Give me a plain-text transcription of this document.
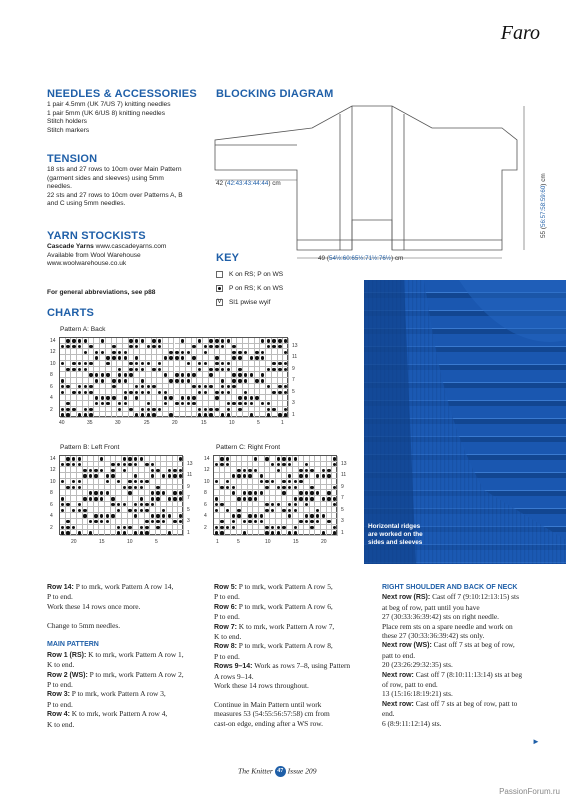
Faro
NEEDLES & ACCESSORIES
1 pair 4.5mm (UK 7/US 7) knitting needles
1 pair 5mm (UK 6/US 8) knitting needles
Stitch holders
Stitch markers
TENSION
18 sts and 27 rows to 10cm over Main Pattern
(garment sides and sleeves) using 5mm
needles.
22 sts and 27 rows to 10cm over Patterns A, B
and C using 5mm needles.
YARN STOCKISTS
Cascade Yarns www.cascadeyarns.com
Available from Wool Warehouse
www.woolwarehouse.co.uk
For general abbreviations, see p88
BLOCKING DIAGRAM
42 (42:43:43:44:44) cm
49 (54½:60:65½:71½:76½) cm
55 (56:57:58:59:60) cm
KEY
K on RS; P on WS
P on RS; K on WS
V Sl1 pwise wyif
CHARTS
Pattern A: Back
Pattern B: Left Front	Pattern C: Right Front
14
12
10
8
6
4
2
13
11
9
7
5
3
1
40	35	30	25	20	15	10	5	1
14
12
10
8
6
4
2
13
11
9
7
5
3
1
20	15	10	5
14
12
10
8
6
4
2
13
11
9
7
5
3
1
1	5	10	15	20
Horizontal ridges
are worked on the
sides and sleeves
Row 14: P to mrk, work Pattern A row 14,
P to end.
Work these 14 rows once more.
Change to 5mm needles.
MAIN PATTERN
Row 1 (RS): K to mrk, work Pattern A row 1,
K to end.
Row 2 (WS): P to mrk, work Pattern A row 2,
P to end.
Row 3: P to mrk, work Pattern A row 3,
P to end.
Row 4: K to mrk, work Pattern A row 4,
K to end.
Row 5: P to mrk, work Pattern A row 5,
P to end.
Row 6: P to mrk, work Pattern A row 6,
P to end.
Row 7: K to mrk, work Pattern A row 7,
K to end.
Row 8: P to mrk, work Pattern A row 8,
P to end.
Rows 9–14: Work as rows 7–8, using Pattern
A rows 9–14.
Work these 14 rows throughout.
Continue in Main Pattern until work
measures 53 (54:55:56:57:58) cm from
cast-on edge, ending after a WS row.
RIGHT SHOULDER AND BACK OF NECK
Next row (RS): Cast off 7 (9:10:12:13:15) sts
at beg of row, patt until you have
27 (30:33:36:39:42) sts on right needle.
Place rem sts on a spare needle and work on
these 27 (30:33:36:39:42) sts only.
Next row (WS): Cast off 7 sts at beg of row,
patt to end.
20 (23:26:29:32:35) sts.
Next row: Cast off 7 (8:10:11:13:14) sts at beg
of row, patt to end.
13 (15:16:18:19:21) sts.
Next row: Cast off 7 sts at beg of row, patt to
end.
6 (8:9:11:12:14) sts.
►
The Knitter 47 Issue 209
PassionForum.ru
